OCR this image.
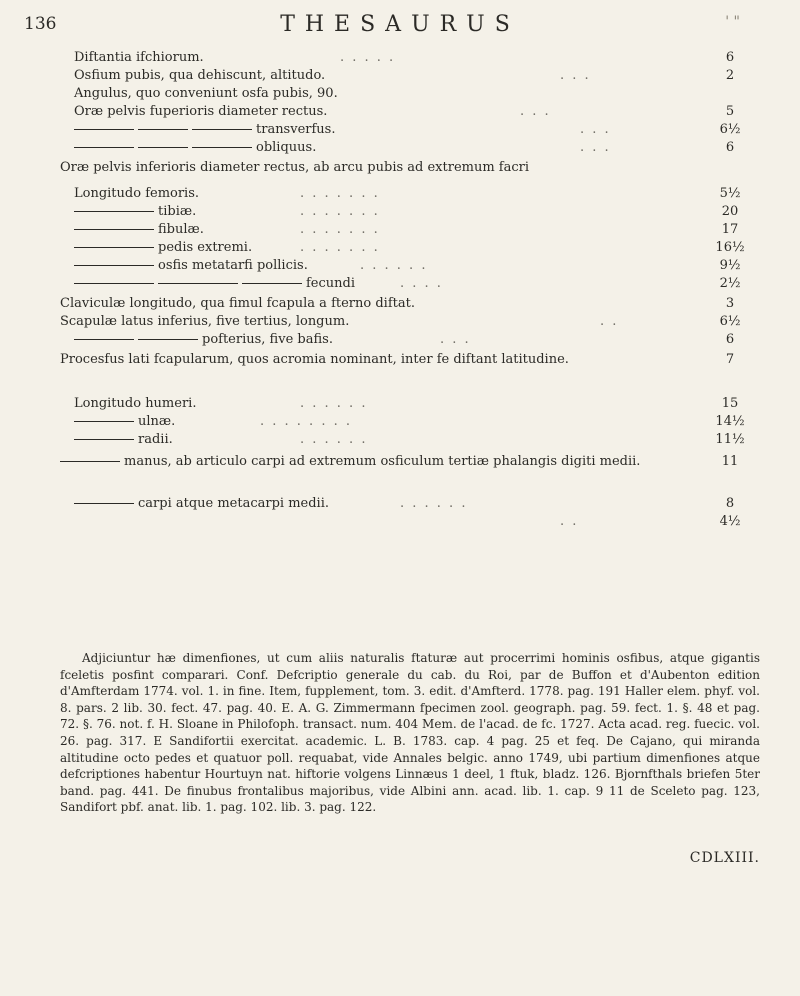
136	THESAURUS	' "
Diftantia ifchiorum.	. . . . .	6
Osfium pubis, qua dehiscunt, altitudo.	. . .	2
Angulus, quo conveniunt osfa pubis, 90.
Oræ pelvis fuperioris diameter rectus.	. . .	5
transverfus.	. . .	6½
obliquus.	. . .	6
Oræ pelvis inferioris diameter rectus, ab arcu pubis ad extremum facri
Longitudo femoris.	. . . . . . .	5½
tibiæ.	. . . . . . .	20
fibulæ.	. . . . . . .	17
pedis extremi.	. . . . . . .	16½
osfis metatarfi pollicis.	. . . . . .	9½
fecundi	. . . .	2½
Claviculæ longitudo, qua fimul fcapula a fterno diftat.	3
Scapulæ latus inferius, five tertius, longum.	. .	6½
pofterius, five bafis.	. . .	6
Procesfus lati fcapularum, quos acromia nominant, inter fe diftant latitudine.	7
Longitudo humeri.	. . . . . .	15
ulnæ.	. . . . . . . .	14½
radii.	. . . . . .	11½
manus, ab articulo carpi ad extremum osficulum tertiæ phalangis digiti medii.	11
carpi atque metacarpi medii.	. . . . . .	8
. .	4½

Adjiciuntur hæ dimenfiones, ut cum aliis naturalis ftaturæ aut procerrimi hominis osfibus, atque gigantis fceletis posfint comparari. Conf. Defcriptio generale du cab. du Roi, par de Buffon et d'Aubenton edition d'Amfterdam 1774. vol. 1. in fine. Item, fupplement, tom. 3. edit. d'Amfterd. 1778. pag. 191 Haller elem. phyf. vol. 8. pars. 2 lib. 30. fect. 47. pag. 40. E. A. G. Zimmermann fpecimen zool. geograph. pag. 59. fect. 1. §. 48 et pag. 72. §. 76. not. f. H. Sloane in Philofoph. transact. num. 404 Mem. de l'acad. de fc. 1727. Acta acad. reg. fuecic. vol. 26. pag. 317. E Sandifortii exercitat. academic. L. B. 1783. cap. 4 pag. 25 et feq. De Cajano, qui miranda altitudine octo pedes et quatuor poll. requabat, vide Annales belgic. anno 1749, ubi partium dimenfiones atque defcriptiones habentur Hourtuyn nat. hiftorie volgens Linnæus 1 deel, 1 ftuk, bladz. 126. Bjornfthals briefen 5ter band. pag. 441. De finubus frontalibus majoribus, vide Albini ann. acad. lib. 1. cap. 9 11 de Sceleto pag. 123, Sandifort pbf. anat. lib. 1. pag. 102. lib. 3. pag. 122.

CDLXIII.
